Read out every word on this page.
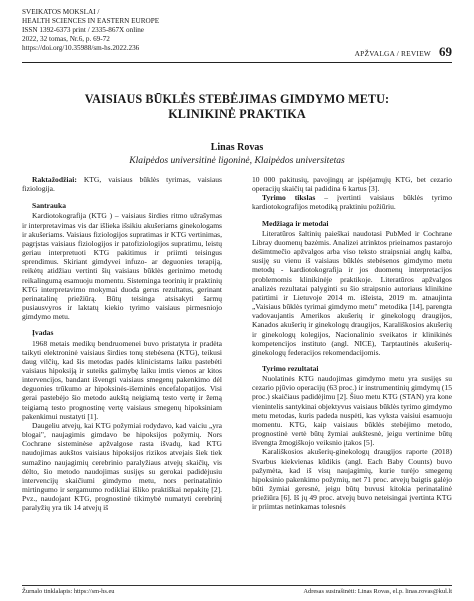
SVEIKATOS MOKSLAI /
HEALTH SCIENCES IN EASTERN EUROPE
ISSN 1392-6373 print / 2335-867X online
2022, 32 tomas, Nr.6, p. 69-72
https://doi.org/10.35988/sm-hs.2022.236
APŽVALGA / REVIEW 69
VAISIAUS BŪKLĖS STEBĖJIMAS GIMDYMO METU:
KLINIKINĖ PRAKTIKA
Linas Rovas
Klaipėdos universitinė ligoninė, Klaipėdos universitetas

Raktažodžiai: KTG, vaisiaus būklės tyrimas, vaisiaus fiziologija.

Santrauka

Kardiotokografija (KTG ) – vaisiaus širdies ritmo užrašymas ir interpretavimas vis dar išlieka išsikiu akušeriams ginekologams ir akušeriams. Vaisiaus fiziologijos supratimas ir KTG vertinimas, pagrįstas vaisiaus fiziologijos ir patofiziologijos supratimu, leistų geriau interpretuoti KTG pakitimus ir priimti teisingus sprendimus. Skiriant gimdyvei infuzo- ar deguonies terapiją, reikėtų atidžiau vertinti šių vaisiaus būklės gerinimo metodų reikalingumą esamuoju momentu. Sisteminga teorinių ir praktinių KTG interpretavimo mokymai duoda gerus rezultatus, gerinant perinatalinę priežiūrą. Būtų teisinga atsisakyti šarmų pusiausvyros ir laktatų kiekio tyrimo vaisiaus pirmesniojo gimdymo metu.

Įvadas

1968 metais medikų bendruomenei buvo pristatyta ir pradėta taikyti elektroninė vaisiaus širdies tonų stebėsena (KTG), teikusi daug vilčių, kad šis metodas padės klinicistams laiku pastebėti vaisiaus hipoksiją ir suteiks galimybę laiku imtis vienos ar kitos intervencijos, bandant išvengti vaisiaus smegenų pakenkimo dėl deguonies trūkumo ar hipoksinės-išeminės encefalopatijos. Visi gerai pastebėjo šio metodo aukštą neigiamą testo vertę ir žemą teigiamą testo prognostinę vertę vaisiaus smegenų hipoksiniam pakenkimui nustatyti [1].

Daugeliu atvejų, kai KTG požymiai rodydavo, kad vaiciu „yra blogai", naujagimis gimdavo be hipoksijos požymių. Nors Cochrane sisteminėse apžvalgose rasta išvadų, kad KTG naudojimas aukštos vaisiaus hipoksijos rizikos atvejais šiek tiek sumažino naujagimių cerebrinio paralyžiaus atvejų skaičių, vis dėlto, šio metodo naudojimas susijęs su gerokai padidėjusiu intervencijų skaičiumi gimdymo metu, nors perinatalinio mirtingumo ir sergamumo rodikliai išliko praktiškai nepakitę [2]. Pvz., naudojant KTG, prognostinė tikimybė numatyti cerebrinį paralyžių yra tik 14 atvejų iš

10 000 pakitusių, pavojingų ar įspėjamųjų KTG, bet cezario operacijų skaičių tai padidina 6 kartus [3].

Tyrimo tikslas – įvertinti vaisiaus būklės tyrimo kardiotokografijos metodiką praktiniu požiūriu.

Medžiaga ir metodai

Literatūros šaltinių paieškai naudotasi PubMed ir Cochrane Libray duomenų bazėmis. Analizei atrinktos prieinamos pastarojo dešimtmečio apžvalgos arba viso teksto straipsniai anglų kalba, susiję su vienu iš vaisiaus būklės stebėsenos gimdymo metu metodų - kardiotokografija ir jos duomenų interpretacijos problemomis klinikinėje praktikoje. Literatūros apžvalgos analizės rezultatai palyginti su šio straipsnio autoriaus klinikine patirtimi ir Lietuvoje 2014 m. išleista, 2019 m. atnaujinta „Vaisiaus būklės tyrimai gimdymo metu" metodika [14], parengta vadovaujantis Amerikos akušerių ir ginekologų draugijos, Kanados akušerių ir ginekologų draugijos, Karališkosios akušerių ir ginekologų kolegijos, Nacionalinio sveikatos ir klinikinės kompetencijos institutо (angl. NICE), Tarptautinės akušerių-ginekologų federacijos rekomendacijomis.

Tyrimo rezultatai

Nuolatinės KTG naudojimas gimdymo metu yra susijęs su cezario pjūvio operacijų (63 proc.) ir instrumentinių gimdymų (15 proc.) skaičiaus padidėjimu [2]. Šiuo metu KTG (STAN) yra kone vienintelis santykinai objektyvus vaisiaus būklės tyrimo gimdymo metu metodas, kuris padeda nuspėti, kas vyksta vaisiui esamuoju momentu. KTG, kaip vaisiaus būklės stebėjimo metodo, prognostinė vertė būtų žymiai aukštesnė, jeigu vertinime būtų išvengta žmogiškojo veiksnio įtakos [5].

Karališkosios akušerių-ginekologų draugijos raporte (2018) Svarbus kiekvienas kūdikis (angl. Each Baby Counts) buvo pažymėta, kad iš visų naujagimių, kurie turėjo smegenų hipoksinio pakenkimo požymių, net 71 proc. atvejų baigtis galėjo būti žymiai geresnė, jeigu būtų buvusi kitokia perinatalinė priežiūra [6]. Iš jų 49 proc. atvejų buvo neteisingai įvertinta KTG ir priimtas netinkamas tolesnės

Žurnalo tinklalapis: https://sm-hs.eu	Adresas susirašinėti: Linas Rovas, el.p. linas.rovas@kul.lt
